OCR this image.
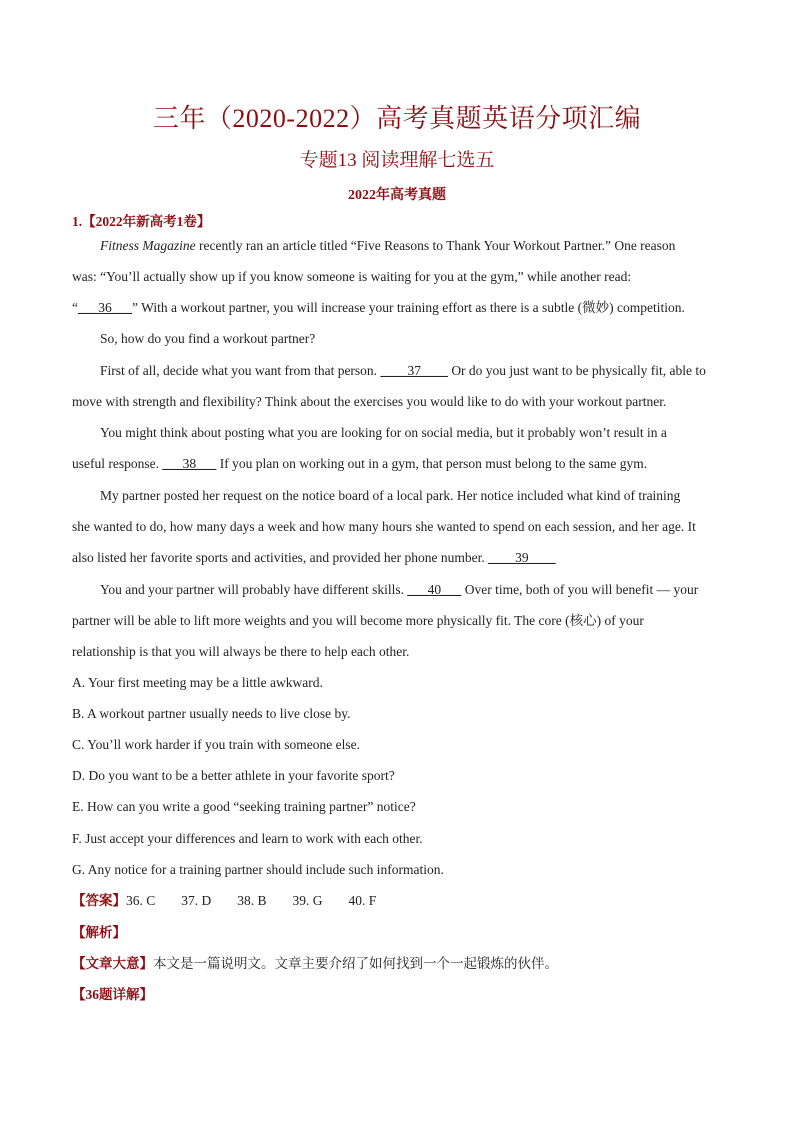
三年（2020-2022）高考真题英语分项汇编
专题13 阅读理解七选五
2022年高考真题
1.【2022年新高考1卷】
Fitness Magazine recently ran an article titled “Five Reasons to Thank Your Workout Partner.” One reason
was: “You’ll actually show up if you know someone is waiting for you at the gym,” while another read:
“___36___” With a workout partner, you will increase your training effort as there is a subtle (微妙) competition.
So, how do you find a workout partner?
First of all, decide what you want from that person. ____37____ Or do you just want to be physically fit, able to
move with strength and flexibility? Think about the exercises you would like to do with your workout partner.
You might think about posting what you are looking for on social media, but it probably won’t result in a
useful response. ___38___ If you plan on working out in a gym, that person must belong to the same gym.
My partner posted her request on the notice board of a local park. Her notice included what kind of training
she wanted to do, how many days a week and how many hours she wanted to spend on each session, and her age. It
also listed her favorite sports and activities, and provided her phone number. ____39____
You and your partner will probably have different skills. ___40___ Over time, both of you will benefit — your
partner will be able to lift more weights and you will become more physically fit. The core (核心) of your
relationship is that you will always be there to help each other.
A. Your first meeting may be a little awkward.
B. A workout partner usually needs to live close by.
C. You’ll work harder if you train with someone else.
D. Do you want to be a better athlete in your favorite sport?
E. How can you write a good “seeking training partner” notice?
F. Just accept your differences and learn to work with each other.
G. Any notice for a training partner should include such information.
【答案】36. C 37. D 38. B 39. G 40. F
【解析】
【文章大意】本文是一篇说明文。文章主要介绍了如何找到一个一起锻炼的伙伴。
【36题详解】
